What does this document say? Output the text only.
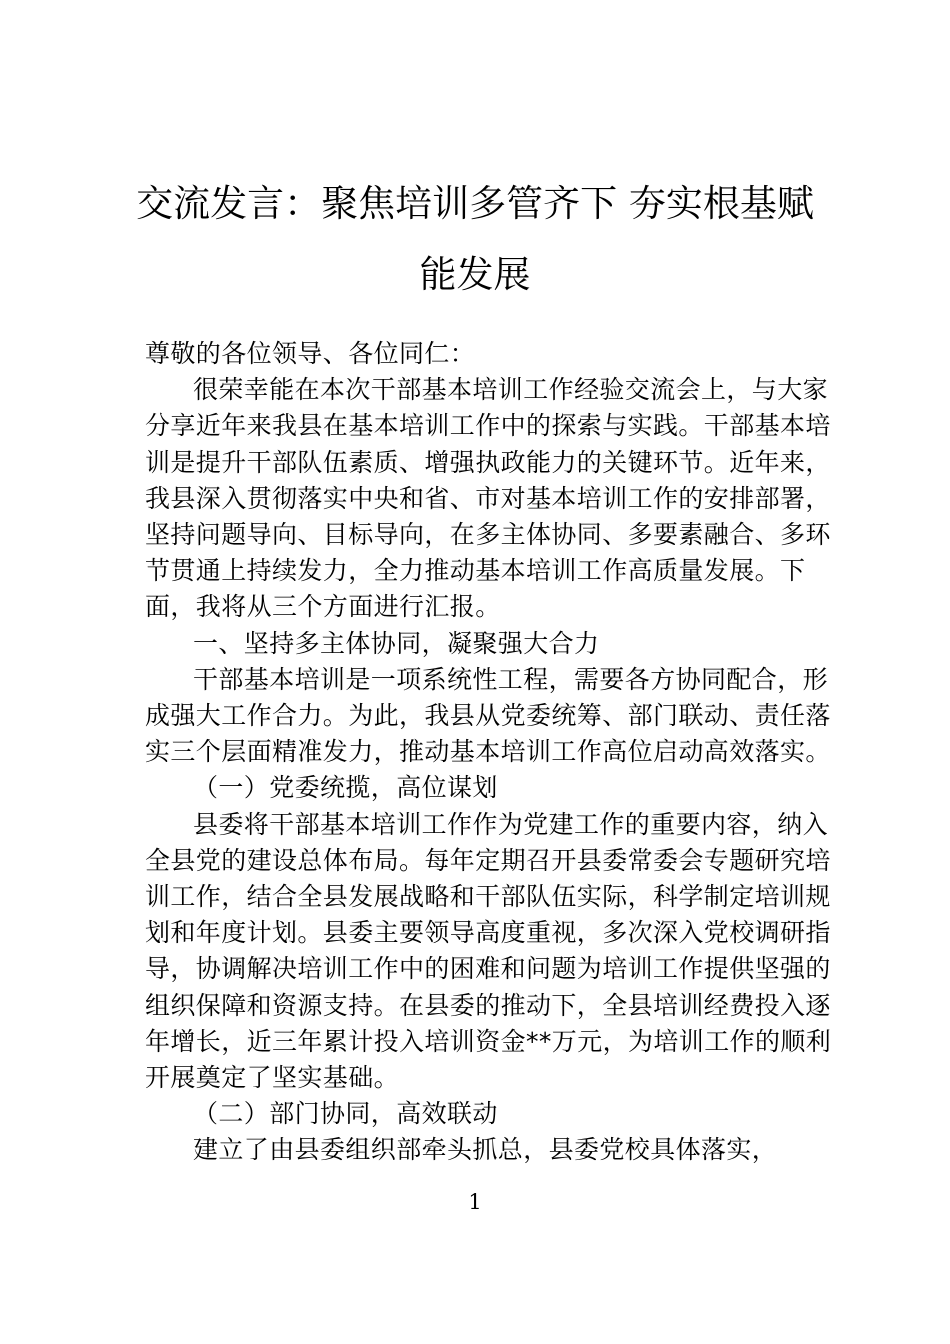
交流发言：聚焦培训多管齐下 夯实根基赋能发展

尊敬的各位领导、各位同仁：

很荣幸能在本次干部基本培训工作经验交流会上，与大家分享近年来我县在基本培训工作中的探索与实践。干部基本培训是提升干部队伍素质、增强执政能力的关键环节。近年来，我县深入贯彻落实中央和省、市对基本培训工作的安排部署，坚持问题导向、目标导向，在多主体协同、多要素融合、多环节贯通上持续发力，全力推动基本培训工作高质量发展。下面，我将从三个方面进行汇报。

一、坚持多主体协同，凝聚强大合力

干部基本培训是一项系统性工程，需要各方协同配合，形成强大工作合力。为此，我县从党委统筹、部门联动、责任落实三个层面精准发力，推动基本培训工作高位启动高效落实。

（一）党委统揽，高位谋划

县委将干部基本培训工作作为党建工作的重要内容，纳入全县党的建设总体布局。每年定期召开县委常委会专题研究培训工作，结合全县发展战略和干部队伍实际，科学制定培训规划和年度计划。县委主要领导高度重视，多次深入党校调研指导，协调解决培训工作中的困难和问题为培训工作提供坚强的组织保障和资源支持。在县委的推动下，全县培训经费投入逐年增长，近三年累计投入培训资金**万元，为培训工作的顺利开展奠定了坚实基础。

（二）部门协同，高效联动

建立了由县委组织部牵头抓总，县委党校具体落实，

1
